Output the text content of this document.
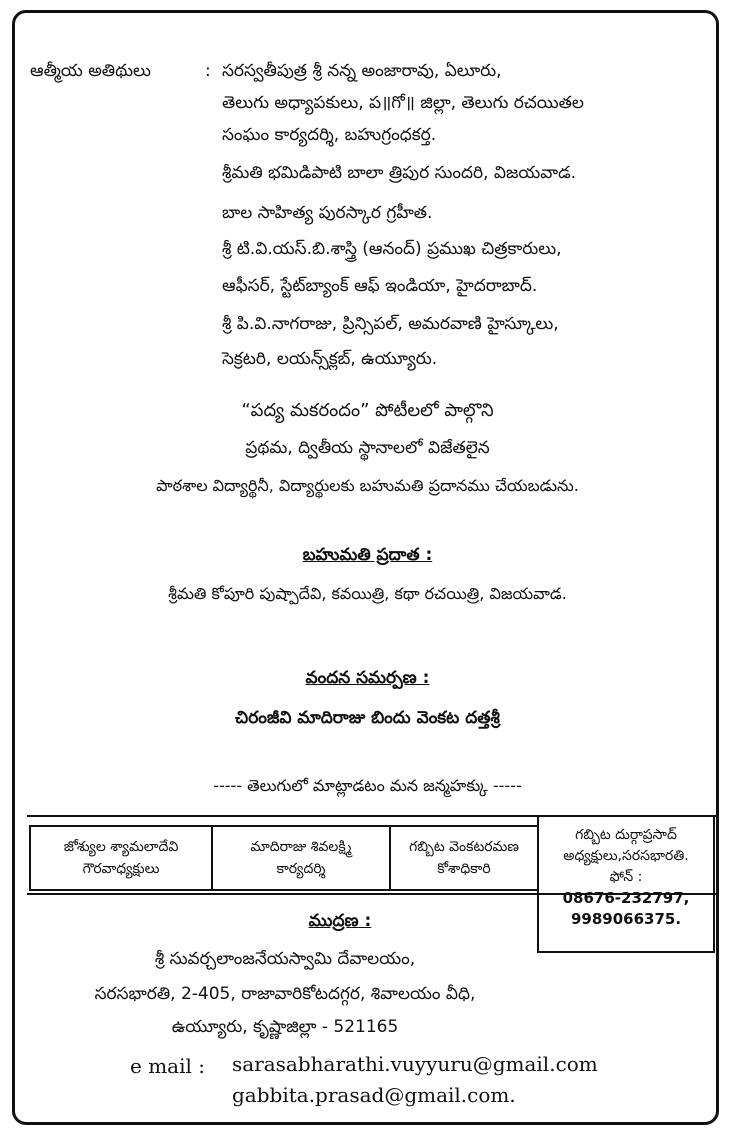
ఆత్మీయ అతిథులు	: సరస్వతీపుత్ర శ్రీ నన్న అంజారావు, ఏలూరు,
తెలుగు అధ్యాపకులు, ప॥గో॥ జిల్లా, తెలుగు రచయితల
సంఘం కార్యదర్శి, బహుగ్రంధకర్త.
శ్రీమతి భమిడిపాటి బాలా త్రిపుర సుందరి, విజయవాడ.
బాల సాహిత్య పురస్కార గ్రహీత.
శ్రీ టి.వి.యస్.బి.శాస్త్రి (ఆనంద్) ప్రముఖ చిత్రకారులు,
ఆఫీసర్, స్టేట్‌బ్యాంక్ ఆఫ్ ఇండియా, హైదరాబాద్.
శ్రీ పి.వి.నాగరాజు, ప్రిన్సిపల్, అమరవాణి హైస్కూలు,
సెక్రటరి, లయన్స్‌క్లబ్, ఉయ్యూరు.
“పద్య మకరందం” పోటీలలో పాల్గొని
ప్రథమ, ద్వితీయ స్థానాలలో విజేతలైన
పాఠశాల విద్యార్థినీ, విద్యార్థులకు బహుమతి ప్రదానము చేయబడును.
బహుమతి ప్రదాత :
శ్రీమతి కోపూరి పుష్పాదేవి, కవయిత్రి, కథా రచయిత్రి, విజయవాడ.
వందన సమర్పణ :
చిరంజీవి మాదిరాజు బిందు వెంకట దత్తశ్రీ
----- తెలుగులో మాట్లాడటం మన జన్మహక్కు -----
జోశ్యుల శ్యామలాదేవి
గౌరవాధ్యక్షులు
మాదిరాజు శివలక్ష్మి
కార్యదర్శి
గబ్బిట వెంకటరమణ
కోశాధికారి
గబ్బిట దుర్గాప్రసాద్
అధ్యక్షులు,సరసభారతి.
ఫోన్ :
08676-232797,
9989066375.
ముద్రణ :
శ్రీ సువర్చలాంజనేయస్వామి దేవాలయం,
సరసభారతి, 2-405, రాజావారికోటదగ్గర, శివాలయం వీధి,
ఉయ్యూరు, కృష్ణాజిల్లా - 521165
e mail : sarasabharathi.vuyyuru@gmail.com
gabbita.prasad@gmail.com.
